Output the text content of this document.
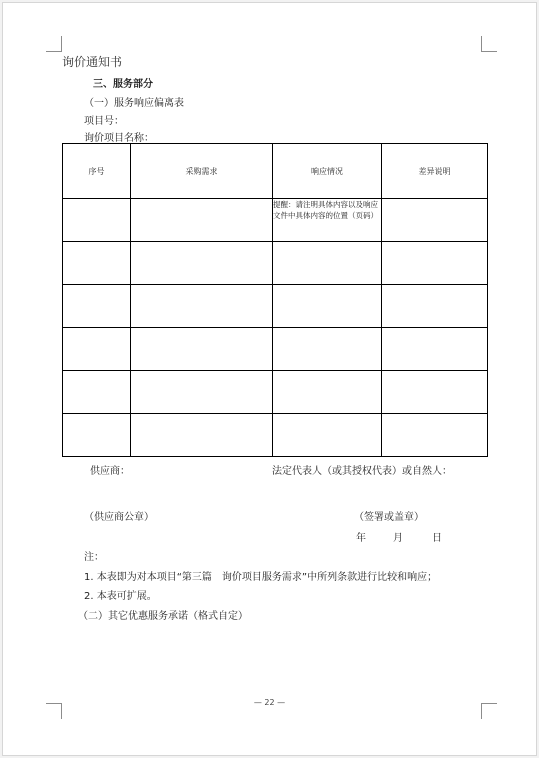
询价通知书
三、服务部分
（一）服务响应偏离表
项目号：
询价项目名称：
序号	采购需求	响应情况	差异说明
		提醒：请注明具体内容以及响应文件中具体内容的位置（页码）	

供应商：	法定代表人（或其授权代表）或自然人：
（供应商公章）	（签署或盖章）
年	月	日
注：
1. 本表即为对本项目“第三篇　询价项目服务需求”中所列条款进行比较和响应；
2. 本表可扩展。
（二）其它优惠服务承诺（格式自定）
— 22 —
